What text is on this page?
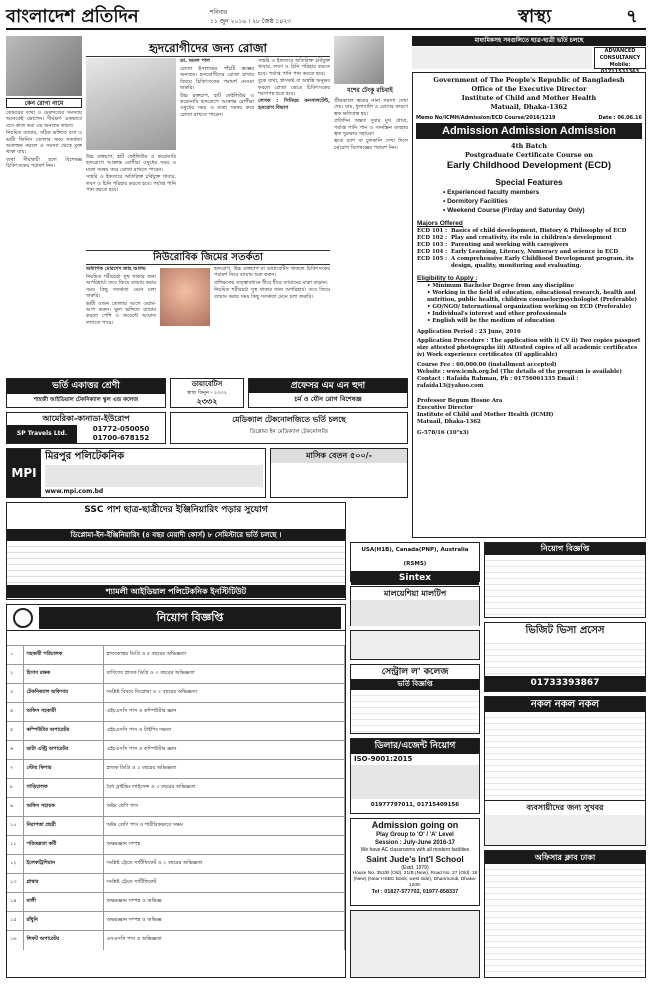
বাংলাদেশ প্রতিদিন	শনিবার
১১ জুন ২০১৬ । ২৮ জৈষ্ঠ ১৪২৩	স্বাস্থ্য	৭
কেন রোগা নামে

কোমরের ব্যথা ও মেরুদণ্ডের সমস্যায় অনেকেই ভোগেন। দীর্ঘক্ষণ একভাবে বসে কাজ করা এর অন্যতম কারণ।

নিয়মিত ব্যায়াম, সঠিক ভঙ্গিতে বসা ও ভারী জিনিস তোলার সময় সতর্কতা অবলম্বন করলে এ সমস্যা থেকে মুক্ত থাকা যায়।

ব্যথা দীর্ঘস্থায়ী হলে বিশেষজ্ঞ চিকিৎসকের পরামর্শ নিন।

হৃদরোগীদের জন্য রোজা
ডা. অমল পাল

রোজা ইসলামের পাঁচটি স্তম্ভের অন্যতম। হৃদরোগীদের রোজা রাখার বিষয়ে চিকিৎসকের পরামর্শ নেওয়া জরুরি।

উচ্চ রক্তচাপ, হার্ট ফেইলিউর ও করোনারি হৃদরোগে আক্রান্ত রোগীরা ওষুধের সময় ও মাত্রা সমন্বয় করে রোজা রাখতে পারেন।

সাহরি ও ইফতারে অতিরিক্ত চর্বিযুক্ত খাবার, লবণ ও চিনি পরিহার করতে হবে। পর্যাপ্ত পানি পান করতে হবে।

বুকে ব্যথা, শ্বাসকষ্ট বা অস্বস্তি অনুভব করলে রোজা ভেঙে চিকিৎসকের শরণাপন্ন হতে হবে।

লেখক : সিনিয়র কনসালটেন্ট, হৃদরোগ বিভাগ

উচ্চ রক্তচাপ, হার্ট ফেইলিউর ও করোনারি হৃদরোগে আক্রান্ত রোগীরা ওষুধের সময় ও মাত্রা সমন্বয় করে রোজা রাখতে পারেন।

সাহরি ও ইফতারে অতিরিক্ত চর্বিযুক্ত খাবার, লবণ ও চিনি পরিহার করতে হবে। পর্যাপ্ত পানি পান করতে হবে।

মশের টেংকু রচিবাই

গ্রীষ্মকালে ত্বকের নানা সমস্যা দেখা দেয়। ঘাম, ধুলাবালি ও রোদের কারণে ত্বক ক্ষতিগ্রস্ত হয়।

প্রতিদিন অন্তত দুবার মুখ ধোয়া, পর্যাপ্ত পানি পান ও সানস্ক্রিন ব্যবহার ত্বক সুরক্ষায় সহায়ক।

ত্বকে র‌্যাশ বা চুলকানি দেখা দিলে চর্মরোগ বিশেষজ্ঞের পরামর্শ নিন।

নিউরোবিক জিমের সতর্কতা
অধ্যাপক মোরশেদ জাহ আলম

নিয়মিত শরীরচর্চা সুস্থ থাকার জন্য অপরিহার্য। তবে জিমে ব্যায়াম করার সময় কিছু সতর্কতা মেনে চলা জরুরি।

ভারী ওজন তোলার আগে ওয়ার্ম-আপ করুন। ভুল ভঙ্গিতে ব্যায়াম করলে পেশি ও জয়েন্টে আঘাত লাগতে পারে।

হৃদরোগ, উচ্চ রক্তচাপ বা ডায়াবেটিস থাকলে চিকিৎসকের পরামর্শ নিয়ে ব্যায়াম শুরু করুন।

প্রশিক্ষকের তত্ত্বাবধানে ধীরে ধীরে ব্যায়ামের মাত্রা বাড়ান।

নিয়মিত শরীরচর্চা সুস্থ থাকার জন্য অপরিহার্য। তবে জিমে ব্যায়াম করার সময় কিছু সতর্কতা মেনে চলা জরুরি।

মাধ্যমিকসহ সবগুলিতে ছাত্র-ছাত্রী ভর্তি চলছে
ADVANCED CONSULTANCY
Mobile: 01711531363
Government of The People's Republic of Bangladesh
Office of the Executive Director
Institute of Child and Mother Health
Matuail, Dhaka-1362
Memo No/ICMH/Admission/ECD Course/2016/1219	Date : 06.06.16
Admission Admission Admission
4th Batch
Postgraduate Certificate Course on
Early Childhood Development (ECD)
Special Features
• Experienced faculty members
• Dormitory Facilities
• Weekend Course (Firday and Saturday Only)
Majors Offered
ECD 101 : Basics of child development, History & Philosophy of ECD
ECD 102 : Play and creativity, its role in children's development
ECD 103 : Parenting and working with caregivers
ECD 104 : Early Learning, Literacy, Numeracy and science in ECD
ECD 105 : A comprehensive Early Childhood Development program, its design, quality, monitoring and evaluating.
Eligibility to Apply :
• Minimum Bachelor Degree from any discipline
• Working in the field of education, educational research, health and nutrition, public health, children counselor/psychologist (Preferable)
• GO/NGO/ International organization working on ECD (Preferable)
• Individual's interest and other professionals
• English will be the medium of education
Application Period : 23 June, 2016
Application Procedure : The application with i) CV ii) Two copies passport size attested photographs iii) Attested copies of all academic certificates iv) Work experience certificates (If applicable)
Course Fee : 60,000.00 (installment accepted)
Website : www.icmh.org.bd (The details of the program is available)
Contact : Rafaida Rahman, Ph : 01756061335 Email : rafaida13@yahoo.com
Professor Begum Hosne Ara
Executive Director
Institute of Child and Mother Health (ICMH)
Matuail, Dhaka-1362
G-578/16 (10"x3)
ভর্তি একাত্তর শ্রেণী
শাহজী আইডিয়াল টেকনিক্যাল স্কুল এন্ড কলেজ
ডায়াবেটিস
স্বাস্থ্য কিনুন - ২৩৩২
২৩৩২
প্রফেসর এম এন হুদা
চর্ম ও যৌন রোগ বিশেষজ্ঞ
আমেরিকা-কানাডা-ইউরোপ
SP Travels Ltd.
01772-050050
01700-678152
মেডিক্যাল টেকনোলজিতে ভর্তি চলছে
ডিপ্লোমা ইন মেডিক্যাল টেকনোলজি
MPI
মিরপুর পলিটেকনিক
www.mpi.com.bd
মাসিক বেতন ৫০০/-
SSC পাশ ছাত্র-ছাত্রীদের ইঞ্জিনিয়ারিং পড়ার সুযোগ
ডিপ্লোমা-ইন-ইঞ্জিনিয়ারিং (৪ বছর মেয়াদী কোর্স) ৮ সেমিস্টারে ভর্তি চলছে ।
শ্যামলী আইডিয়াল পলিটেকনিক ইনস্টিটিউট
USA(H1B), Canada(PNP), Australia (RSMS)
Sintex
নিয়োগ বিজ্ঞপ্তি
মালয়েশিয়া মালটিপ
ভিজিট ভিসা প্রসেস
01733393867
নিয়োগ বিজ্ঞপ্তি
১	সহকারী পরিচালক	স্নাতকোত্তর ডিগ্রি ও ৫ বছরের অভিজ্ঞতা
২	হিসাব রক্ষক	বাণিজ্যে স্নাতক ডিগ্রি ও ৩ বছরের অভিজ্ঞতা
৩	টেকনিক্যাল অফিসার	সংশ্লিষ্ট বিষয়ে ডিপ্লোমা ও ২ বছরের অভিজ্ঞতা
৪	অফিস সহকারী	এইচএসসি পাস ও কম্পিউটার জ্ঞান
৫	কম্পিউটার অপারেটর	এইচএসসি পাস ও টাইপিং দক্ষতা
৬	ডাটা এন্ট্রি অপারেটর	এইচএসসি পাস ও কম্পিউটার জ্ঞান
৭	স্টোর কিপার	স্নাতক ডিগ্রি ও ২ বছরের অভিজ্ঞতা
৮	গাড়িচালক	বৈধ ড্রাইভিং লাইসেন্স ও ৩ বছরের অভিজ্ঞতা
৯	অফিস সহায়ক	অষ্টম শ্রেণি পাস
১০	নিরাপত্তা প্রহরী	অষ্টম শ্রেণি পাস ও শারীরিকভাবে সক্ষম
১১	পরিচ্ছন্নতা কর্মী	অক্ষরজ্ঞান সম্পন্ন
১২	ইলেকট্রিশিয়ান	সংশ্লিষ্ট ট্রেডে সার্টিফিকেট ও ২ বছরের অভিজ্ঞতা
১৩	প্লাম্বার	সংশ্লিষ্ট ট্রেডে সার্টিফিকেট
১৪	মালী	অক্ষরজ্ঞান সম্পন্ন ও অভিজ্ঞ
১৫	রাঁধুনি	অক্ষরজ্ঞান সম্পন্ন ও অভিজ্ঞ
১৬	লিফট অপারেটর	এসএসসি পাস ও অভিজ্ঞতা
সেন্ট্রাল ল' কলেজ
ভর্তি বিজ্ঞপ্তি
ডিলার/এজেন্ট নিয়োগ
ISO-9001:2015
01977797011, 01715409156
Admission going on
Play Group to 'O' / 'A' Level
Session : July-June 2016-17
We have AC classrooms with all modern facilities
Saint Jude's Int'l School
(Estd. 1979)
House No. 352/B (Old), 21/B (New), Road No. 27 (Old), 16 (New) (Near HSBC Bank, west side), Dhanmondi, Dhaka-1209.
Tel : 01827-577702, 01977-858337
নকল নকল নকল
ব্যবসায়ীদের জন্য সুখবর
অফিসার ক্লাব ঢাকা
